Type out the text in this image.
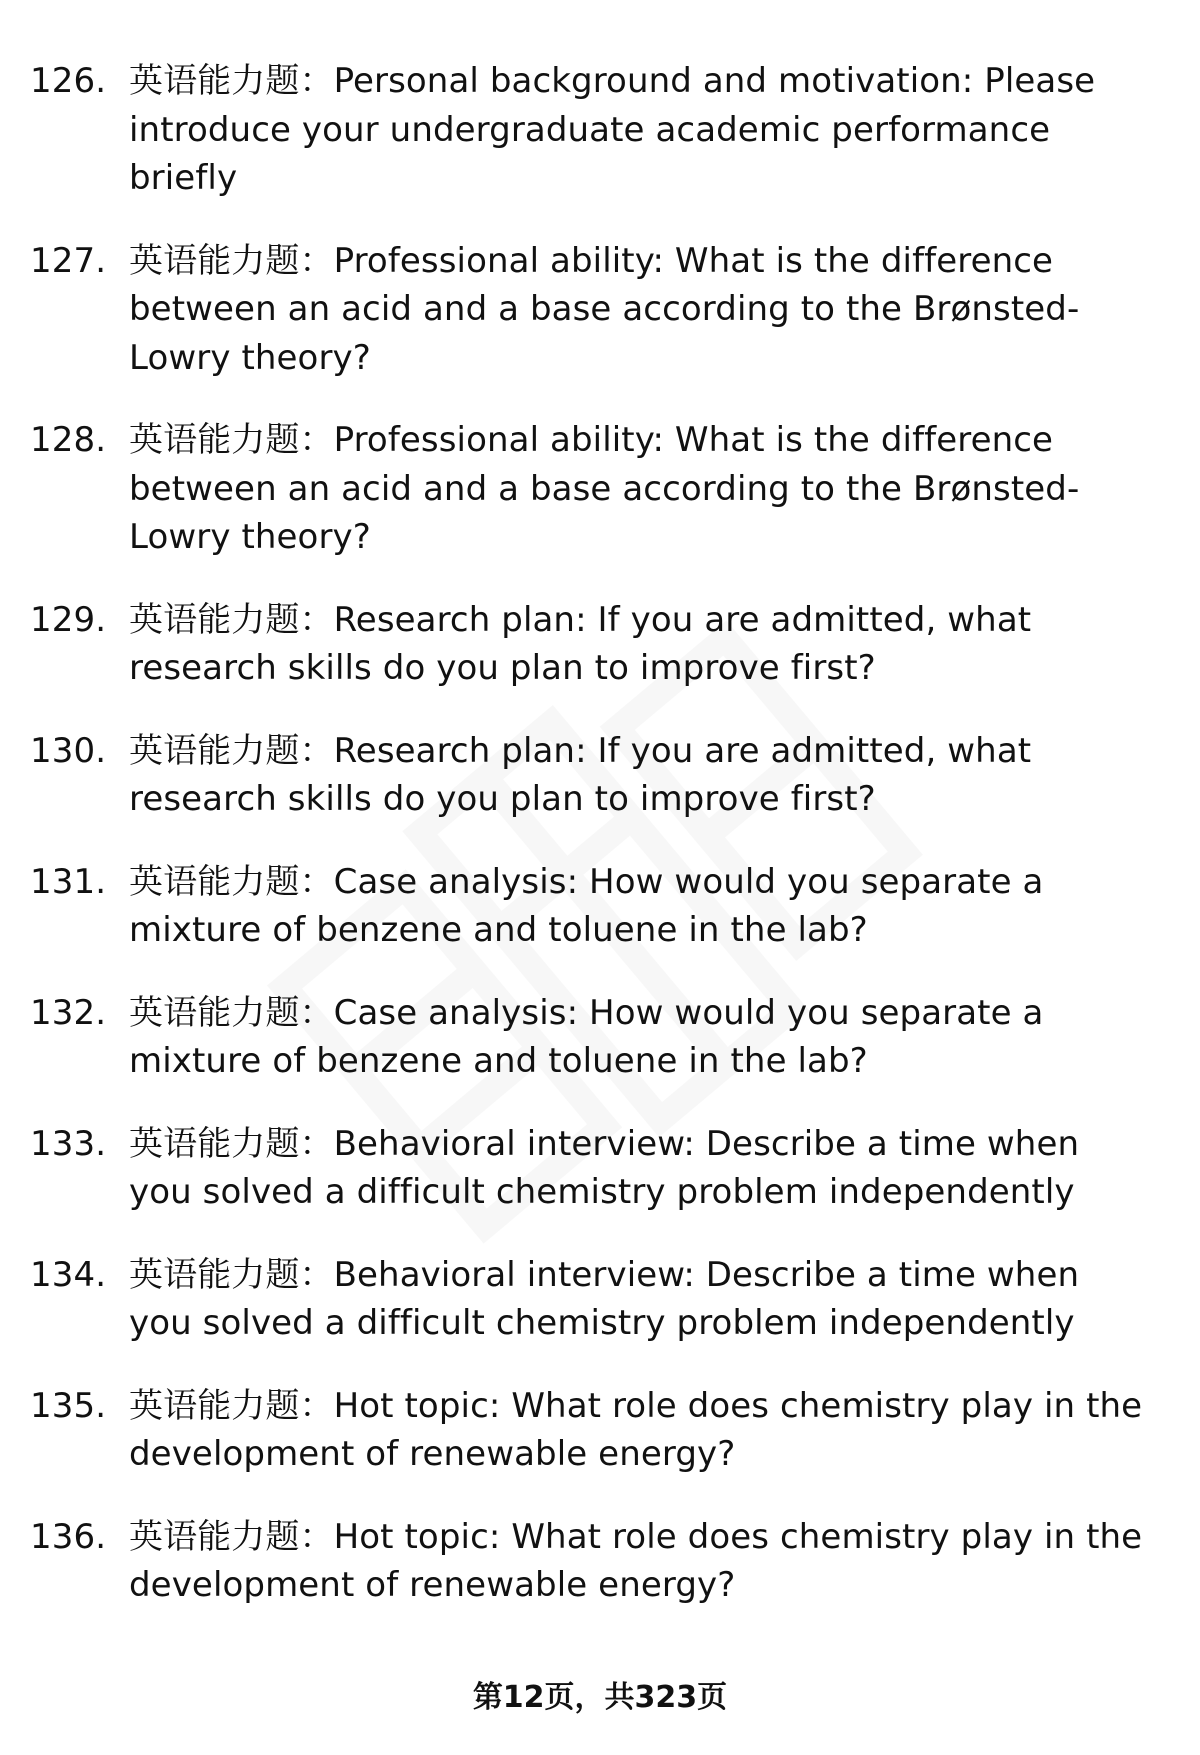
126. 英语能力题：Personal background and motivation: Please
introduce your undergraduate academic performance
briefly
127. 英语能力题：Professional ability: What is the difference
between an acid and a base according to the Brønsted-
Lowry theory?
128. 英语能力题：Professional ability: What is the difference
between an acid and a base according to the Brønsted-
Lowry theory?
129. 英语能力题：Research plan: If you are admitted, what
research skills do you plan to improve first?
130. 英语能力题：Research plan: If you are admitted, what
research skills do you plan to improve first?
131. 英语能力题：Case analysis: How would you separate a
mixture of benzene and toluene in the lab?
132. 英语能力题：Case analysis: How would you separate a
mixture of benzene and toluene in the lab?
133. 英语能力题：Behavioral interview: Describe a time when
you solved a difficult chemistry problem independently
134. 英语能力题：Behavioral interview: Describe a time when
you solved a difficult chemistry problem independently
135. 英语能力题：Hot topic: What role does chemistry play in the
development of renewable energy?
136. 英语能力题：Hot topic: What role does chemistry play in the
development of renewable energy?
第12页，共323页
